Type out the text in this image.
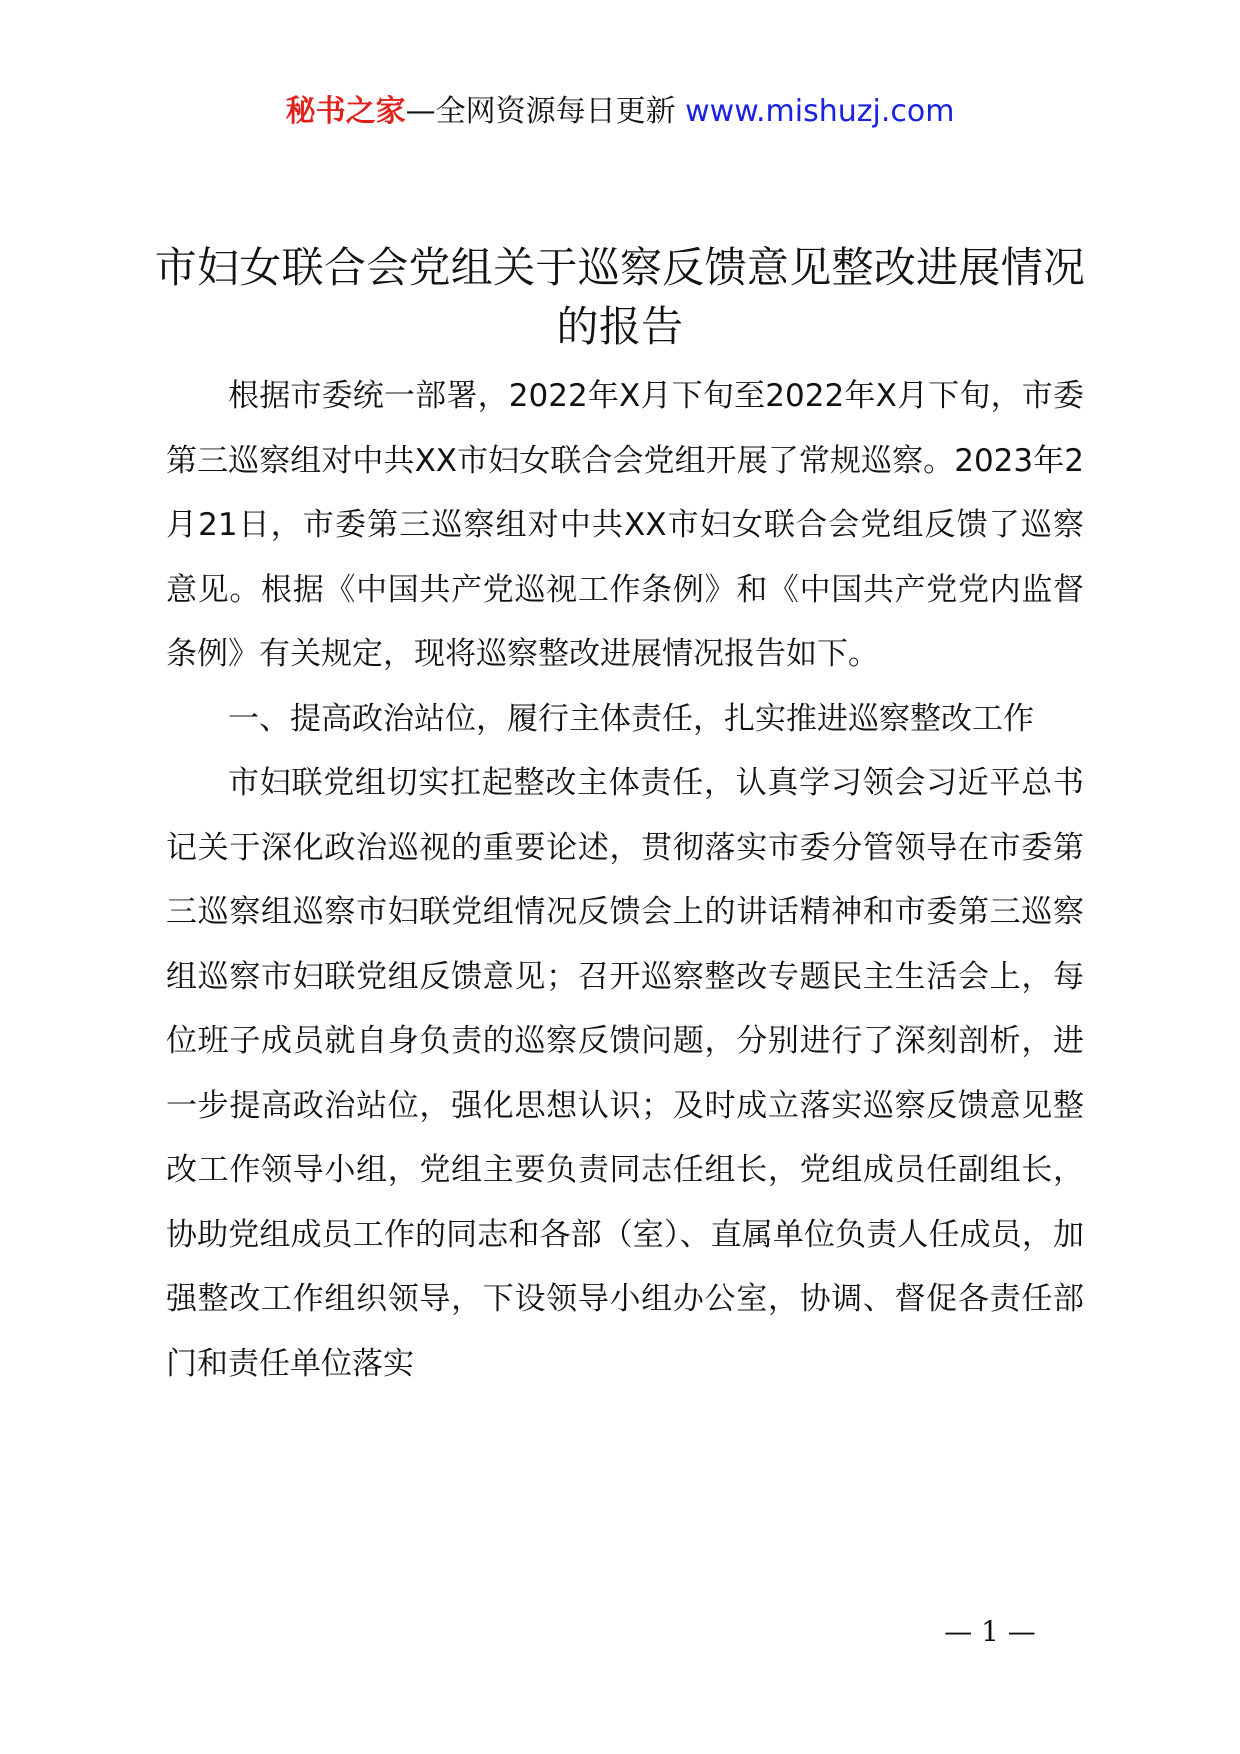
秘书之家—全网资源每日更新 www.mishuzj.com
市妇女联合会党组关于巡察反馈意见整改进展情况的报告

根据市委统一部署，2022年X月下旬至2022年X月下旬，市委第三巡察组对中共XX市妇女联合会党组开展了常规巡察。2023年2月21日，市委第三巡察组对中共XX市妇女联合会党组反馈了巡察意见。根据《中国共产党巡视工作条例》和《中国共产党党内监督条例》有关规定，现将巡察整改进展情况报告如下。

一、提高政治站位，履行主体责任，扎实推进巡察整改工作

市妇联党组切实扛起整改主体责任，认真学习领会习近平总书记关于深化政治巡视的重要论述，贯彻落实市委分管领导在市委第三巡察组巡察市妇联党组情况反馈会上的讲话精神和市委第三巡察组巡察市妇联党组反馈意见；召开巡察整改专题民主生活会上，每位班子成员就自身负责的巡察反馈问题，分别进行了深刻剖析，进一步提高政治站位，强化思想认识；及时成立落实巡察反馈意见整改工作领导小组，党组主要负责同志任组长，党组成员任副组长，协助党组成员工作的同志和各部（室）、直属单位负责人任成员，加强整改工作组织领导，下设领导小组办公室，协调、督促各责任部门和责任单位落实

— 1 —
